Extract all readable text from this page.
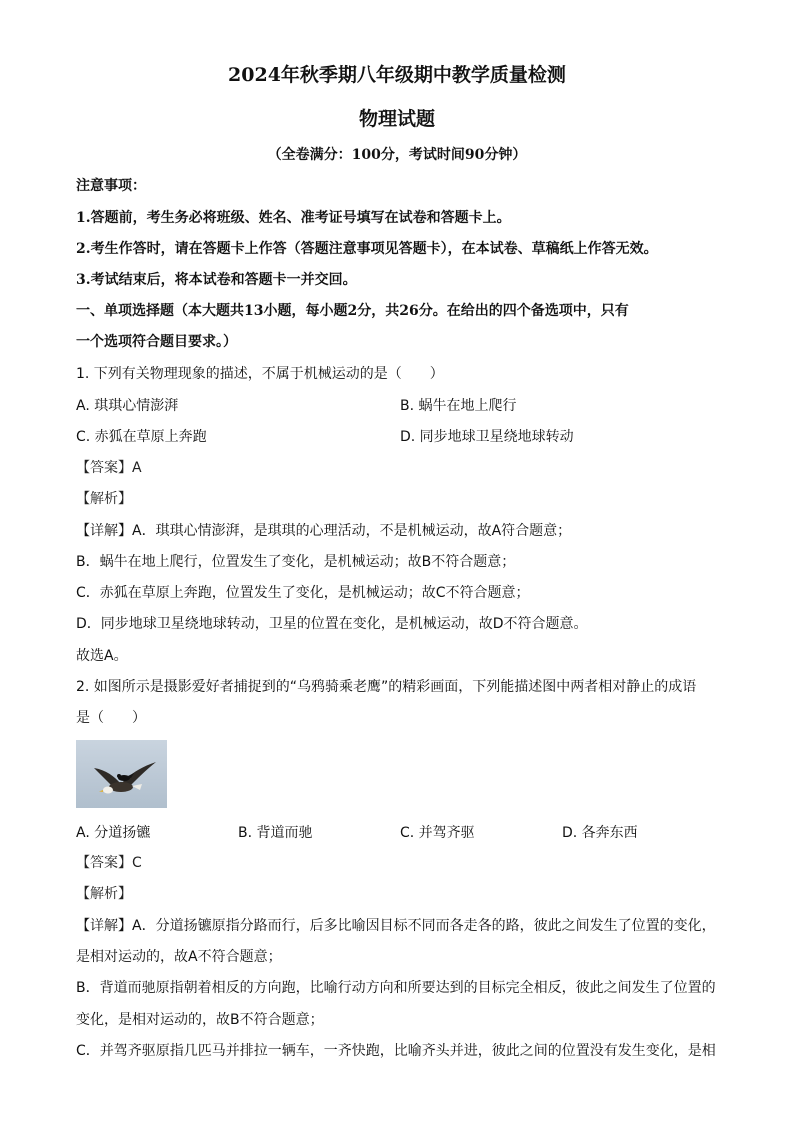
2024年秋季期八年级期中教学质量检测
物理试题
（全卷满分：100分，考试时间90分钟）
注意事项：
1.答题前，考生务必将班级、姓名、准考证号填写在试卷和答题卡上。
2.考生作答时，请在答题卡上作答（答题注意事项见答题卡），在本试卷、草稿纸上作答无效。
3.考试结束后，将本试卷和答题卡一并交回。
一、单项选择题（本大题共13小题，每小题2分，共26分。在给出的四个备选项中，只有
一个选项符合题目要求。）
1. 下列有关物理现象的描述，不属于机械运动的是（　　）
A. 琪琪心情澎湃	B. 蜗牛在地上爬行
C. 赤狐在草原上奔跑	D. 同步地球卫星绕地球转动
【答案】A
【解析】
【详解】A．琪琪心情澎湃，是琪琪的心理活动，不是机械运动，故A符合题意；
B．蜗牛在地上爬行，位置发生了变化，是机械运动；故B不符合题意；
C．赤狐在草原上奔跑，位置发生了变化，是机械运动；故C不符合题意；
D．同步地球卫星绕地球转动，卫星的位置在变化，是机械运动，故D不符合题意。
故选A。
2. 如图所示是摄影爱好者捕捉到的“乌鸦骑乘老鹰”的精彩画面，下列能描述图中两者相对静止的成语
是（　　）
A. 分道扬镳	B. 背道而驰	C. 并驾齐驱	D. 各奔东西
【答案】C
【解析】
【详解】A．分道扬镳原指分路而行，后多比喻因目标不同而各走各的路，彼此之间发生了位置的变化，
是相对运动的，故A不符合题意；
B．背道而驰原指朝着相反的方向跑，比喻行动方向和所要达到的目标完全相反，彼此之间发生了位置的
变化，是相对运动的，故B不符合题意；
C．并驾齐驱原指几匹马并排拉一辆车，一齐快跑，比喻齐头并进，彼此之间的位置没有发生变化，是相
